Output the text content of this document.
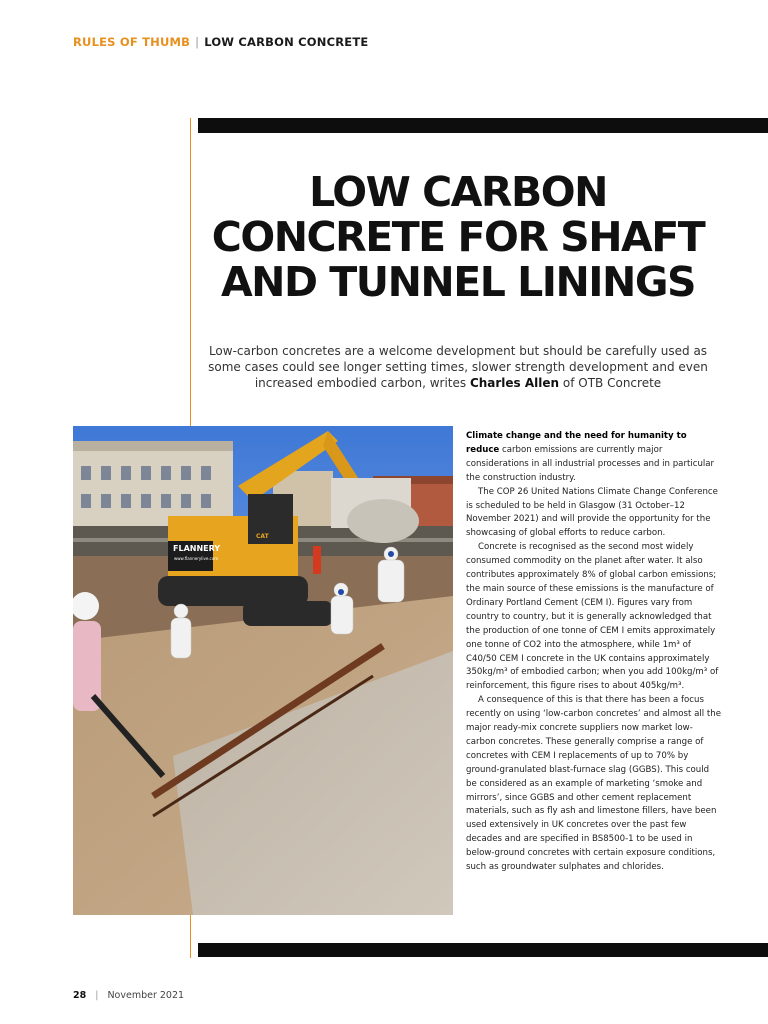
RULES OF THUMB | LOW CARBON CONCRETE
LOW CARBON CONCRETE FOR SHAFT AND TUNNEL LININGS

Low-carbon concretes are a welcome development but should be carefully used as some cases could see longer setting times, slower strength development and even increased embodied carbon, writes Charles Allen of OTB Concrete

FLANNERY
www.flannerylive.com
CAT

Climate change and the need for humanity to reduce carbon emissions are currently major considerations in all industrial processes and in particular the construction industry.

The COP 26 United Nations Climate Change Conference is scheduled to be held in Glasgow (31 October–12 November 2021) and will provide the opportunity for the showcasing of global efforts to reduce carbon.

Concrete is recognised as the second most widely consumed commodity on the planet after water. It also contributes approximately 8% of global carbon emissions; the main source of these emissions is the manufacture of Ordinary Portland Cement (CEM I). Figures vary from country to country, but it is generally acknowledged that the production of one tonne of CEM I emits approximately one tonne of CO2 into the atmosphere, while 1m³ of C40/50 CEM I concrete in the UK contains approximately 350kg/m³ of embodied carbon; when you add 100kg/m³ of reinforcement, this figure rises to about 405kg/m³.

A consequence of this is that there has been a focus recently on using ‘low-carbon concretes’ and almost all the major ready-mix concrete suppliers now market low-carbon concretes. These generally comprise a range of concretes with CEM I replacements of up to 70% by ground-granulated blast-furnace slag (GGBS). This could be considered as an example of marketing ‘smoke and mirrors’, since GGBS and other cement replacement materials, such as fly ash and limestone fillers, have been used extensively in UK concretes over the past few decades and are specified in BS8500-1 to be used in below-ground concretes with certain exposure conditions, such as groundwater sulphates and chlorides.

28 | November 2021
